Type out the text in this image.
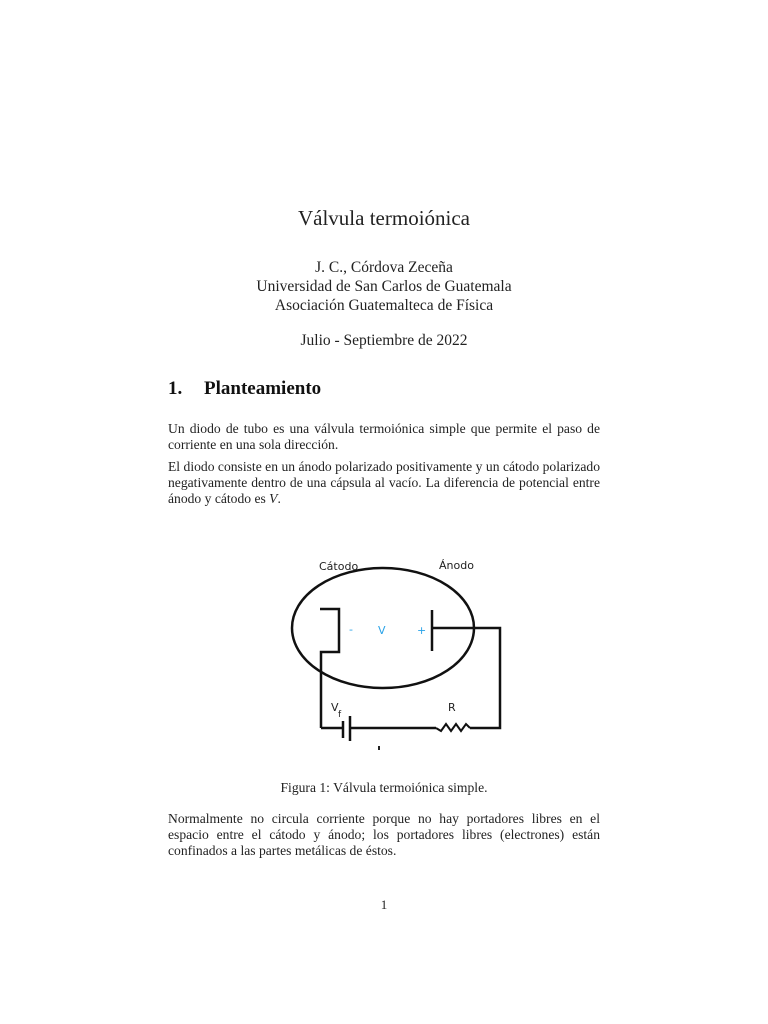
Válvula termoiónica
J. C., Córdova Zeceña
Universidad de San Carlos de Guatemala
Asociación Guatemalteca de Física
Julio - Septiembre de 2022
1. Planteamiento
Un diodo de tubo es una válvula termoiónica simple que permite el paso de corriente en una sola dirección.
El diodo consiste en un ánodo polarizado positivamente y un cátodo polarizado negativamente dentro de una cápsula al vacío. La diferencia de potencial entre ánodo y cátodo es V.
Cátodo	Ánodo
- V	+
V
f
R
Figura 1: Válvula termoiónica simple.
Normalmente no circula corriente porque no hay portadores libres en el espacio entre el cátodo y ánodo; los portadores libres (electrones) están confinados a las partes metálicas de éstos.
1
